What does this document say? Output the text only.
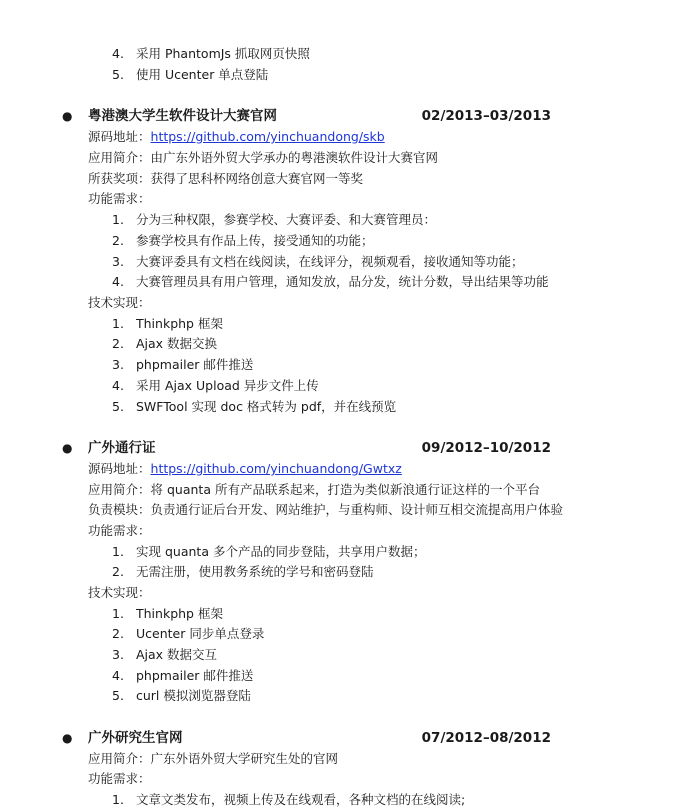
4. 采用 PhantomJs 抓取网页快照
5. 使用 Ucenter 单点登陆
● 粤港澳大学生软件设计大赛官网	02/2013–03/2013
源码地址：https://github.com/yinchuandong/skb
应用简介：由广东外语外贸大学承办的粤港澳软件设计大赛官网
所获奖项：获得了思科杯网络创意大赛官网一等奖
功能需求：
1. 分为三种权限，参赛学校、大赛评委、和大赛管理员：
2. 参赛学校具有作品上传，接受通知的功能；
3. 大赛评委具有文档在线阅读，在线评分，视频观看，接收通知等功能；
4. 大赛管理员具有用户管理，通知发放，品分发，统计分数，导出结果等功能
技术实现：
1. Thinkphp 框架
2. Ajax 数据交换
3. phpmailer 邮件推送
4. 采用 Ajax Upload 异步文件上传
5. SWFTool 实现 doc 格式转为 pdf，并在线预览
● 广外通行证	09/2012–10/2012
源码地址：https://github.com/yinchuandong/Gwtxz
应用简介：将 quanta 所有产品联系起来，打造为类似新浪通行证这样的一个平台
负责模块：负责通行证后台开发、网站维护，与重构师、设计师互相交流提高用户体验
功能需求：
1. 实现 quanta 多个产品的同步登陆，共享用户数据；
2. 无需注册，使用教务系统的学号和密码登陆
技术实现：
1. Thinkphp 框架
2. Ucenter 同步单点登录
3. Ajax 数据交互
4. phpmailer 邮件推送
5. curl 模拟浏览器登陆
● 广外研究生官网	07/2012–08/2012
应用简介：广东外语外贸大学研究生处的官网
功能需求：
1. 文章文类发布，视频上传及在线观看，各种文档的在线阅读;
